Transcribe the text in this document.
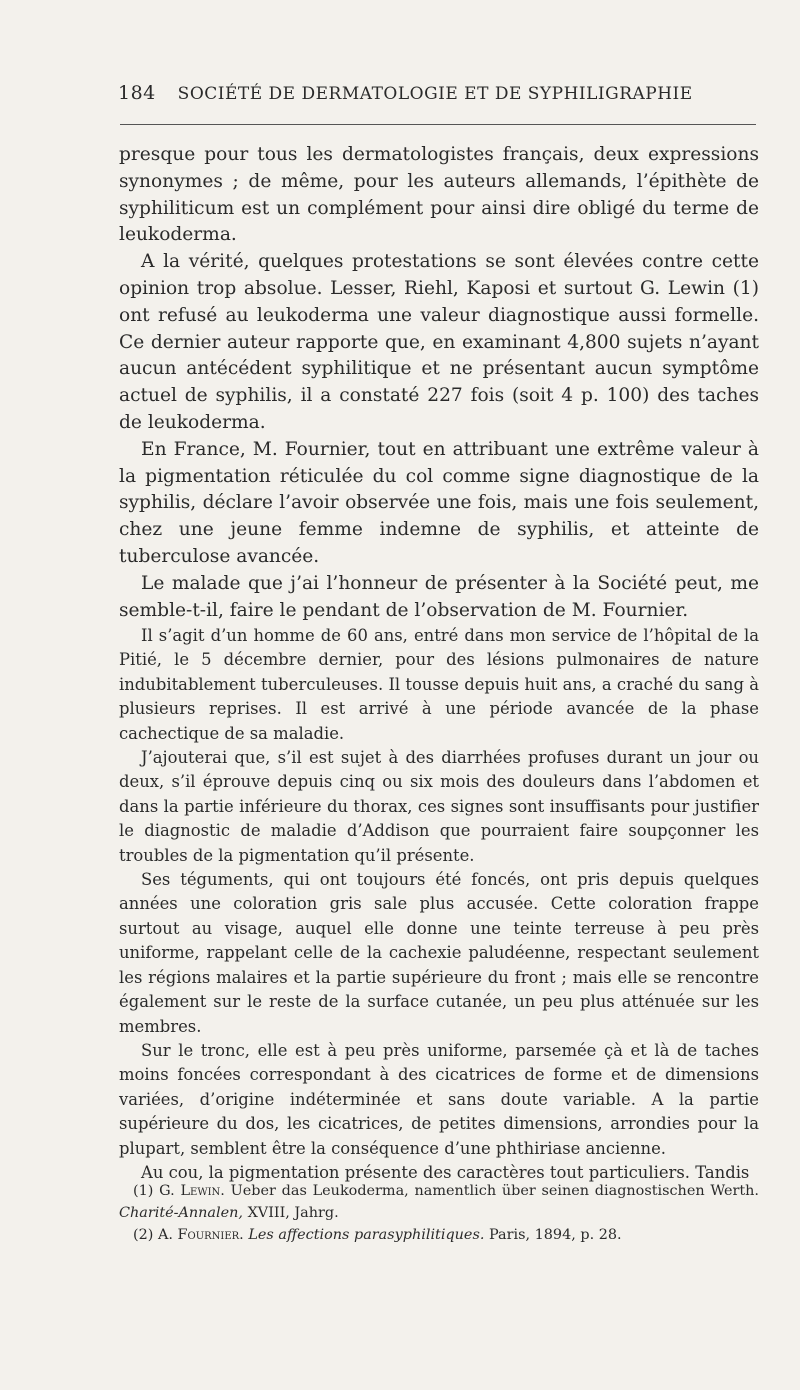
184 SOCIÉTÉ DE DERMATOLOGIE ET DE SYPHILIGRAPHIE

presque pour tous les dermatologistes français, deux expressions synonymes ; de même, pour les auteurs allemands, l’épithète de syphiliticum est un complément pour ainsi dire obligé du terme de leukoderma.

A la vérité, quelques protestations se sont élevées contre cette opinion trop absolue. Lesser, Riehl, Kaposi et surtout G. Lewin (1) ont refusé au leukoderma une valeur diagnostique aussi formelle. Ce dernier auteur rapporte que, en examinant 4,800 sujets n’ayant aucun antécédent syphilitique et ne présentant aucun symptôme actuel de syphilis, il a constaté 227 fois (soit 4 p. 100) des taches de leukoderma.

En France, M. Fournier, tout en attribuant une extrême valeur à la pigmentation réticulée du col comme signe diagnostique de la syphilis, déclare l’avoir observée une fois, mais une fois seulement, chez une jeune femme indemne de syphilis, et atteinte de tuberculose avancée.

Le malade que j’ai l’honneur de présenter à la Société peut, me semble-t-il, faire le pendant de l’observation de M. Fournier.

Il s’agit d’un homme de 60 ans, entré dans mon service de l’hôpital de la Pitié, le 5 décembre dernier, pour des lésions pulmonaires de nature indubitablement tuberculeuses. Il tousse depuis huit ans, a craché du sang à plusieurs reprises. Il est arrivé à une période avancée de la phase cachectique de sa maladie.

J’ajouterai que, s’il est sujet à des diarrhées profuses durant un jour ou deux, s’il éprouve depuis cinq ou six mois des douleurs dans l’abdomen et dans la partie inférieure du thorax, ces signes sont insuffisants pour justifier le diagnostic de maladie d’Addison que pourraient faire soupçonner les troubles de la pigmentation qu’il présente.

Ses téguments, qui ont toujours été foncés, ont pris depuis quelques années une coloration gris sale plus accusée. Cette coloration frappe surtout au visage, auquel elle donne une teinte terreuse à peu près uniforme, rappelant celle de la cachexie paludéenne, respectant seulement les régions malaires et la partie supérieure du front ; mais elle se rencontre également sur le reste de la surface cutanée, un peu plus atténuée sur les membres.

Sur le tronc, elle est à peu près uniforme, parsemée çà et là de taches moins foncées correspondant à des cicatrices de forme et de dimensions variées, d’origine indéterminée et sans doute variable. A la partie supérieure du dos, les cicatrices, de petites dimensions, arrondies pour la plupart, semblent être la conséquence d’une phthiriase ancienne.

Au cou, la pigmentation présente des caractères tout particuliers. Tandis

(1) G. Lewin. Ueber das Leukoderma, namentlich über seinen diagnostischen Werth. Charité-Annalen, XVIII, Jahrg.

(2) A. Fournier. Les affections parasyphilitiques. Paris, 1894, p. 28.
